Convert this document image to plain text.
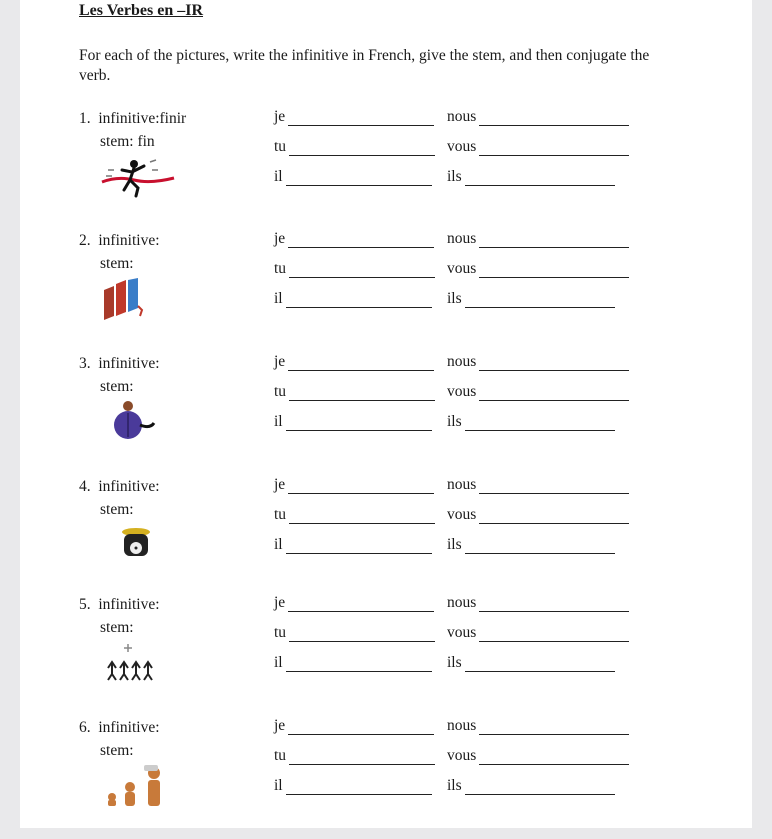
Les Verbes en –IR
For each of the pictures, write the infinitive in French, give the stem, and then conjugate the verb.
1. infinitive:finir
stem: fin
je
tu
il
nous
vous
ils
2. infinitive:
stem:
je
tu
il
nous
vous
ils
3. infinitive:
stem:
je
tu
il
nous
vous
ils
4. infinitive:
stem:
je
tu
il
nous
vous
ils
5. infinitive:
stem:
je
tu
il
nous
vous
ils
6. infinitive:
stem:
je
tu
il
nous
vous
ils
